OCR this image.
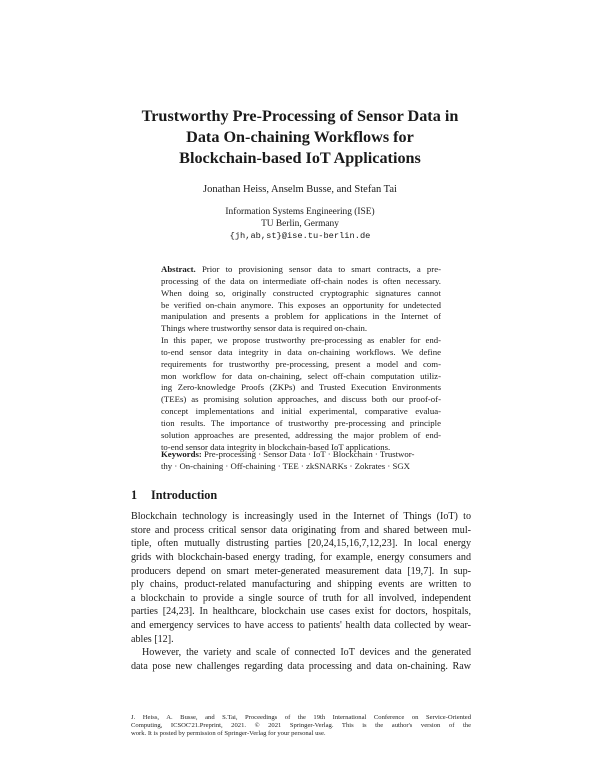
Trustworthy Pre-Processing of Sensor Data in
Data On-chaining Workflows for
Blockchain-based IoT Applications
Jonathan Heiss, Anselm Busse, and Stefan Tai
Information Systems Engineering (ISE)
TU Berlin, Germany
{jh,ab,st}@ise.tu-berlin.de
Abstract. Prior to provisioning sensor data to smart contracts, a pre-
processing of the data on intermediate off-chain nodes is often necessary.
When doing so, originally constructed cryptographic signatures cannot
be verified on-chain anymore. This exposes an opportunity for undetected
manipulation and presents a problem for applications in the Internet of
Things where trustworthy sensor data is required on-chain.
In this paper, we propose trustworthy pre-processing as enabler for end-
to-end sensor data integrity in data on-chaining workflows. We define
requirements for trustworthy pre-processing, present a model and com-
mon workflow for data on-chaining, select off-chain computation utiliz-
ing Zero-knowledge Proofs (ZKPs) and Trusted Execution Environments
(TEEs) as promising solution approaches, and discuss both our proof-of-
concept implementations and initial experimental, comparative evalua-
tion results. The importance of trustworthy pre-processing and principle
solution approaches are presented, addressing the major problem of end-
to-end sensor data integrity in blockchain-based IoT applications.
Keywords: Pre-processing · Sensor Data · IoT · Blockchain · Trustwor-
thy · On-chaining · Off-chaining · TEE · zkSNARKs · Zokrates · SGX
1 Introduction
Blockchain technology is increasingly used in the Internet of Things (IoT) to
store and process critical sensor data originating from and shared between mul-
tiple, often mutually distrusting parties [20,24,15,16,7,12,23]. In local energy
grids with blockchain-based energy trading, for example, energy consumers and
producers depend on smart meter-generated measurement data [19,7]. In sup-
ply chains, product-related manufacturing and shipping events are written to
a blockchain to provide a single source of truth for all involved, independent
parties [24,23]. In healthcare, blockchain use cases exist for doctors, hospitals,
and emergency services to have access to patients' health data collected by wear-
ables [12].
However, the variety and scale of connected IoT devices and the generated
data pose new challenges regarding data processing and data on-chaining. Raw
J. Heiss, A. Busse, and S.Tai, Proceedings of the 19th International Conference on Service-Oriented
Computing, ICSOC'21.Preprint, 2021. © 2021 Springer-Verlag. This is the author's version of the
work. It is posted by permission of Springer-Verlag for your personal use.
